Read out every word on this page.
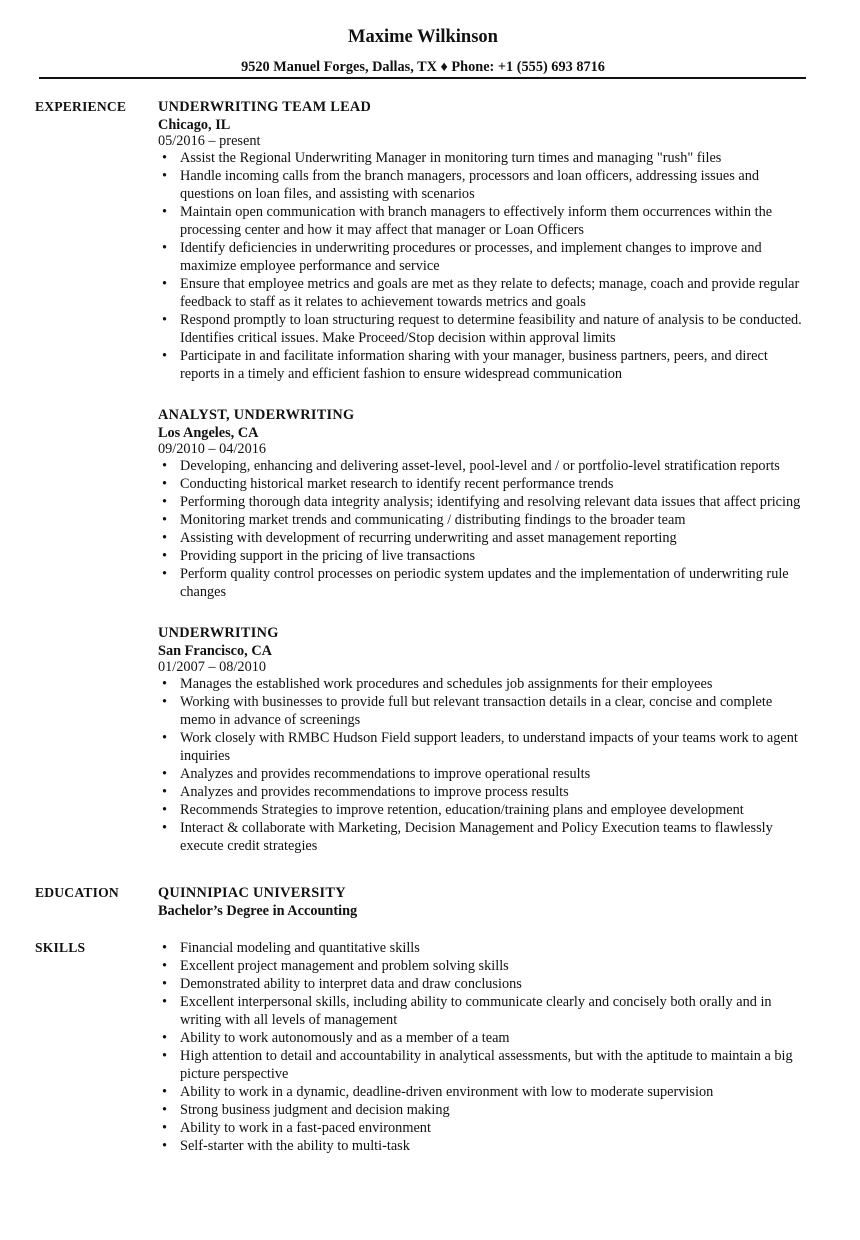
Maxime Wilkinson
9520 Manuel Forges, Dallas, TX ♦ Phone: +1 (555) 693 8716
EXPERIENCE UNDERWRITING TEAM LEAD
Chicago, IL
05/2016 – present
• Assist the Regional Underwriting Manager in monitoring turn times and managing "rush" files
• Handle incoming calls from the branch managers, processors and loan officers, addressing issues and questions on loan files, and assisting with scenarios
• Maintain open communication with branch managers to effectively inform them occurrences within the processing center and how it may affect that manager or Loan Officers
• Identify deficiencies in underwriting procedures or processes, and implement changes to improve and maximize employee performance and service
• Ensure that employee metrics and goals are met as they relate to defects; manage, coach and provide regular feedback to staff as it relates to achievement towards metrics and goals
• Respond promptly to loan structuring request to determine feasibility and nature of analysis to be conducted. Identifies critical issues. Make Proceed/Stop decision within approval limits
• Participate in and facilitate information sharing with your manager, business partners, peers, and direct reports in a timely and efficient fashion to ensure widespread communication
ANALYST, UNDERWRITING
Los Angeles, CA
09/2010 – 04/2016
• Developing, enhancing and delivering asset-level, pool-level and / or portfolio-level stratification reports
• Conducting historical market research to identify recent performance trends
• Performing thorough data integrity analysis; identifying and resolving relevant data issues that affect pricing
• Monitoring market trends and communicating / distributing findings to the broader team
• Assisting with development of recurring underwriting and asset management reporting
• Providing support in the pricing of live transactions
• Perform quality control processes on periodic system updates and the implementation of underwriting rule changes
UNDERWRITING
San Francisco, CA
01/2007 – 08/2010
• Manages the established work procedures and schedules job assignments for their employees
• Working with businesses to provide full but relevant transaction details in a clear, concise and complete memo in advance of screenings
• Work closely with RMBC Hudson Field support leaders, to understand impacts of your teams work to agent inquiries
• Analyzes and provides recommendations to improve operational results
• Analyzes and provides recommendations to improve process results
• Recommends Strategies to improve retention, education/training plans and employee development
• Interact & collaborate with Marketing, Decision Management and Policy Execution teams to flawlessly execute credit strategies
EDUCATION	QUINNIPIAC UNIVERSITY
Bachelor’s Degree in Accounting
SKILLS
•	Financial modeling and quantitative skills
• Excellent project management and problem solving skills
• Demonstrated ability to interpret data and draw conclusions
• Excellent interpersonal skills, including ability to communicate clearly and concisely both orally and in writing with all levels of management
• Ability to work autonomously and as a member of a team
• High attention to detail and accountability in analytical assessments, but with the aptitude to maintain a big picture perspective
• Ability to work in a dynamic, deadline-driven environment with low to moderate supervision
• Strong business judgment and decision making
• Ability to work in a fast-paced environment
• Self-starter with the ability to multi-task
